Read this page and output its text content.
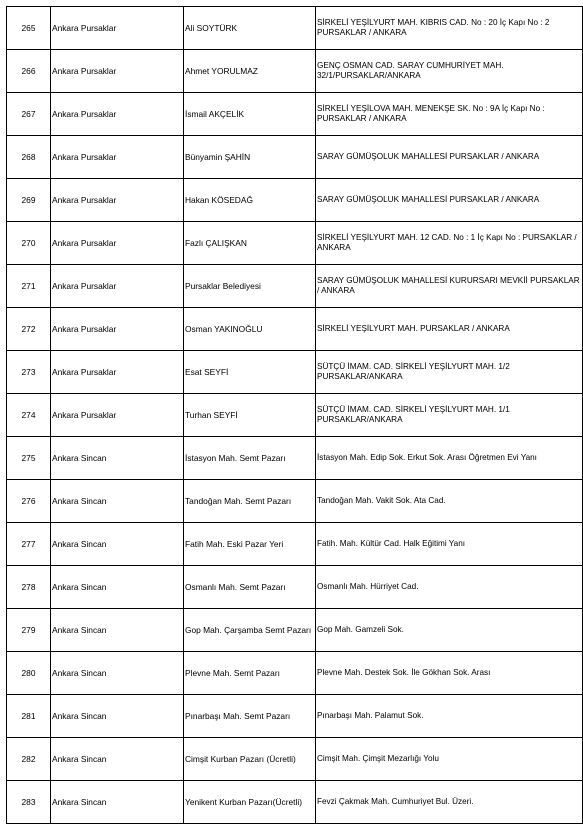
265	Ankara Pursaklar	Ali SOYTÜRK	SİRKELİ YEŞİLYURT MAH. KIBRIS CAD. No : 20 İç Kapı No : 2 PURSAKLAR / ANKARA
266	Ankara Pursaklar	Ahmet YORULMAZ	GENÇ OSMAN CAD. SARAY CUMHURİYET MAH. 32/1/PURSAKLAR/ANKARA
267	Ankara Pursaklar	İsmail AKÇELİK	SİRKELİ YEŞİLOVA MAH. MENEKŞE SK. No : 9A İç Kapı No : PURSAKLAR / ANKARA
268	Ankara Pursaklar	Bünyamin ŞAHİN	SARAY GÜMÜŞOLUK MAHALLESİ PURSAKLAR / ANKARA
269	Ankara Pursaklar	Hakan KÖSEDAĞ	SARAY GÜMÜŞOLUK MAHALLESİ PURSAKLAR / ANKARA
270	Ankara Pursaklar	Fazlı ÇALIŞKAN	SİRKELİ YEŞİLYURT MAH. 12 CAD. No : 1 İç Kapı No : PURSAKLAR / ANKARA
271	Ankara Pursaklar	Pursaklar Belediyesi	SARAY GÜMÜŞOLUK MAHALLESİ KURURSARI MEVKİİ PURSAKLAR / ANKARA
272	Ankara Pursaklar	Osman YAKINOĞLU	SİRKELİ YEŞİLYURT MAH. PURSAKLAR / ANKARA
273	Ankara Pursaklar	Esat SEYFİ	SÜTÇÜ İMAM. CAD. SİRKELİ YEŞİLYURT MAH. 1/2 PURSAKLAR/ANKARA
274	Ankara Pursaklar	Turhan SEYFİ	SÜTÇÜ İMAM. CAD. SİRKELİ YEŞİLYURT MAH. 1/1 PURSAKLAR/ANKARA
275	Ankara Sincan	İstasyon Mah. Semt Pazarı	İstasyon Mah. Edip Sok. Erkut Sok. Arası Öğretmen Evi Yanı
276	Ankara Sincan	Tandoğan Mah. Semt Pazarı	Tandoğan Mah. Vakit Sok. Ata Cad.
277	Ankara Sincan	Fatih Mah. Eski Pazar Yeri	Fatih. Mah. Kültür Cad. Halk Eğitimi Yanı
278	Ankara Sincan	Osmanlı Mah. Semt Pazarı	Osmanlı Mah. Hürriyet Cad.
279	Ankara Sincan	Gop Mah. Çarşamba Semt Pazarı	Gop Mah. Gamzeli Sok.
280	Ankara Sincan	Plevne Mah. Semt Pazarı	Plevne Mah. Destek Sok. İle Gökhan Sok. Arası
281	Ankara Sincan	Pınarbaşı Mah. Semt Pazarı	Pınarbaşı Mah. Palamut Sok.
282	Ankara Sincan	Cimşit Kurban Pazarı (Ücretli)	Cimşit Mah. Çimşit Mezarlığı Yolu
283	Ankara Sincan	Yenikent Kurban Pazarı(Ücretli)	Fevzi Çakmak Mah. Cumhuriyet Bul. Üzeri.
